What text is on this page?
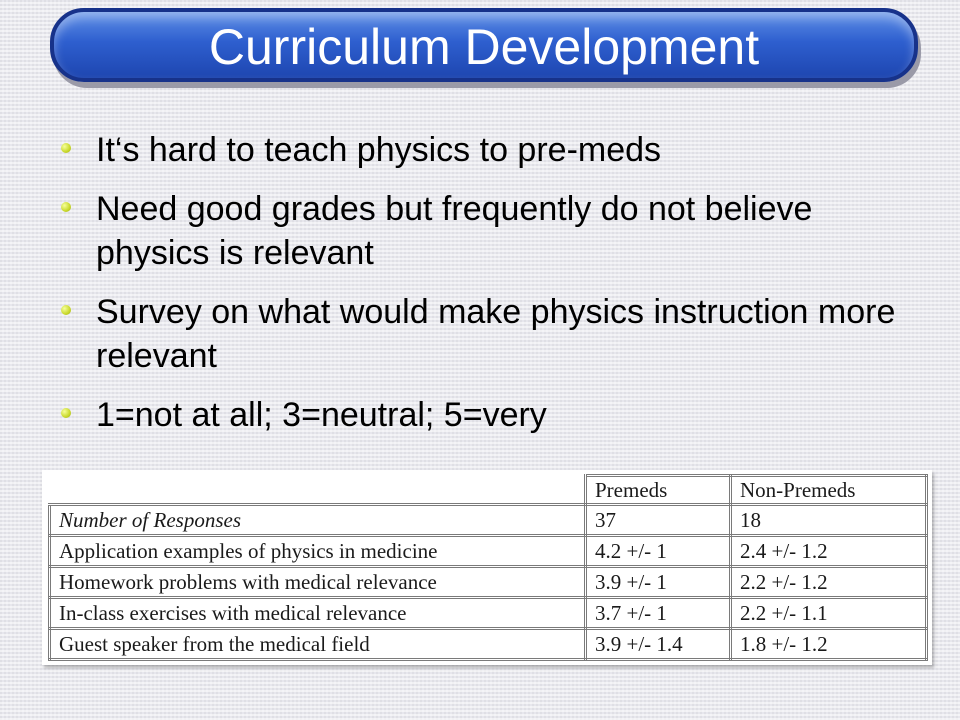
Curriculum Development
It‘s hard to teach physics to pre-meds
Need good grades but frequently do not believe physics is relevant
Survey on what would make physics instruction more relevant
1=not at all; 3=neutral; 5=very
	Premeds	Non-Premeds
Number of Responses	37	18
Application examples of physics in medicine	4.2 +/- 1	2.4 +/- 1.2
Homework problems with medical relevance	3.9 +/- 1	2.2 +/- 1.2
In-class exercises with medical relevance	3.7 +/- 1	2.2 +/- 1.1
Guest speaker from the medical field	3.9 +/- 1.4	1.8 +/- 1.2
